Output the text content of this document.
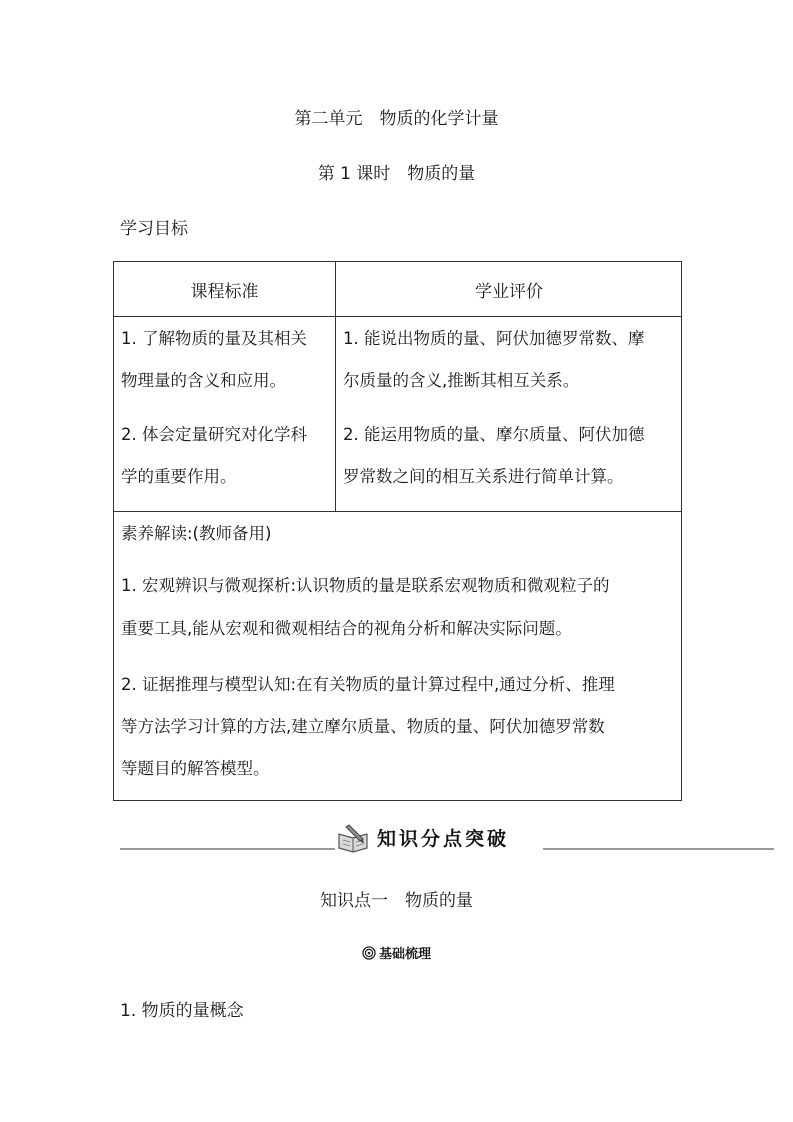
第二单元　物质的化学计量
第 1 课时　物质的量
学习目标
课程标准	学业评价
1. 了解物质的量及其相关
物理量的含义和应用。
2. 体会定量研究对化学科
学的重要作用。
1. 能说出物质的量、阿伏加德罗常数、摩
尔质量的含义,推断其相互关系。
2. 能运用物质的量、摩尔质量、阿伏加德
罗常数之间的相互关系进行简单计算。
素养解读:(教师备用)
1. 宏观辨识与微观探析:认识物质的量是联系宏观物质和微观粒子的
重要工具,能从宏观和微观相结合的视角分析和解决实际问题。
2. 证据推理与模型认知:在有关物质的量计算过程中,通过分析、推理
等方法学习计算的方法,建立摩尔质量、物质的量、阿伏加德罗常数
等题目的解答模型。
知识分点突破
知识点一　物质的量
基础梳理
1. 物质的量概念
